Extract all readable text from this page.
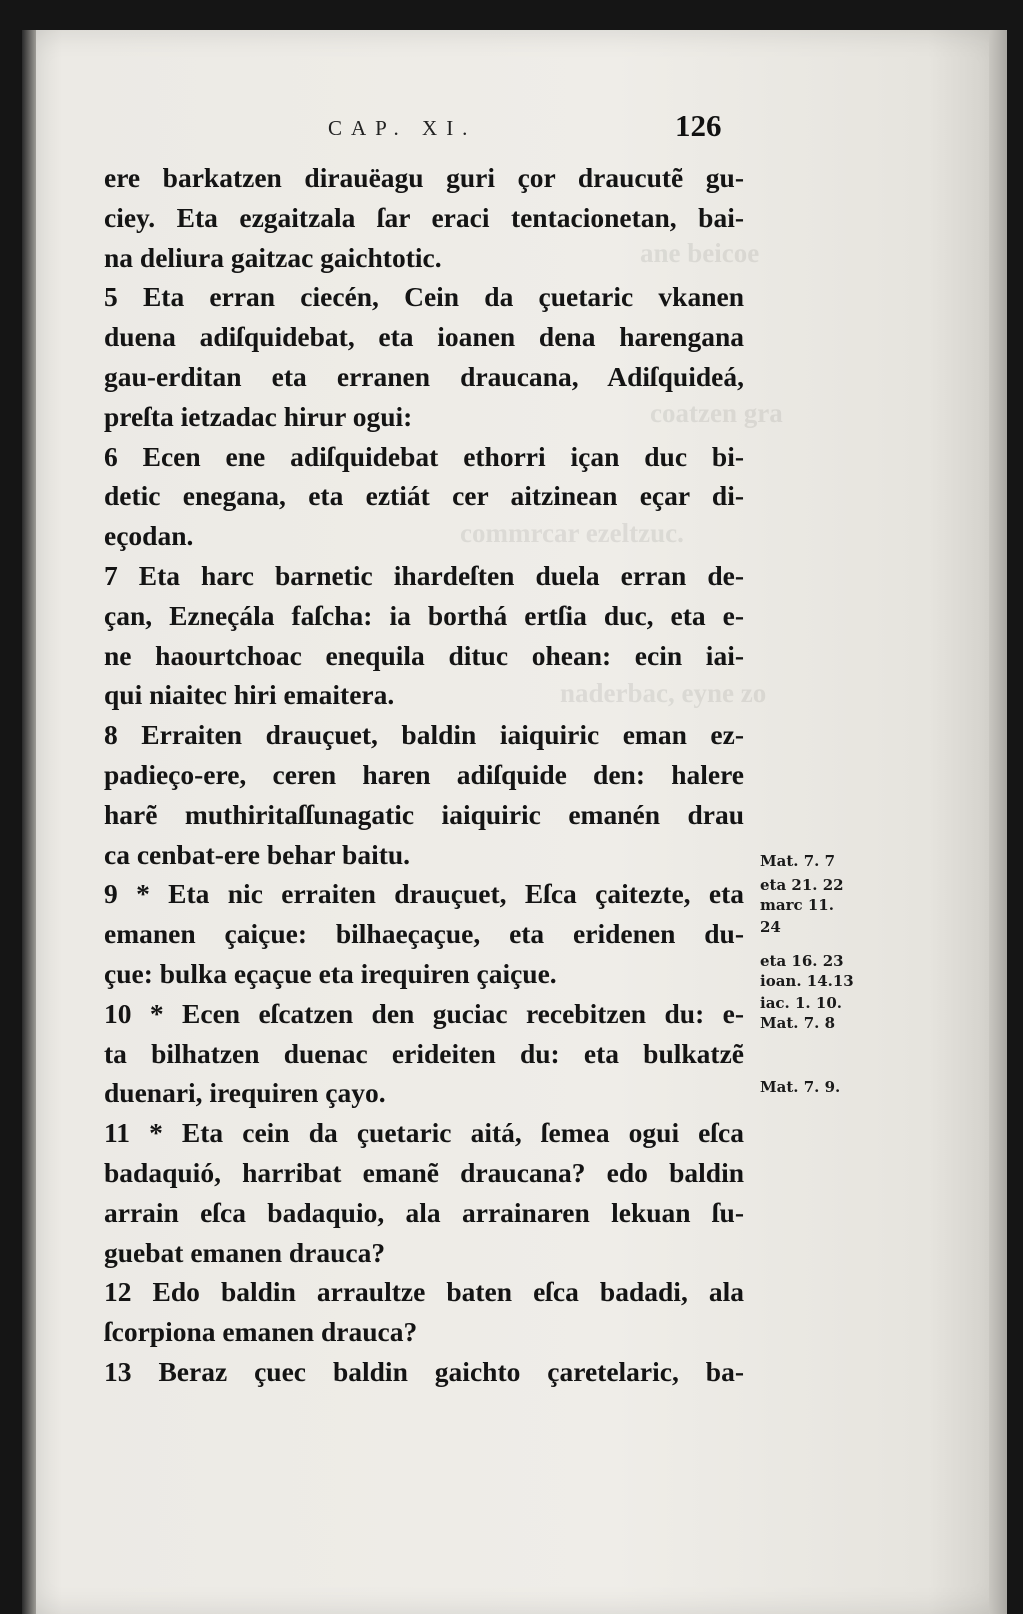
ane beicoe
coatzen gra
commrcar ezeltzuc.
naderbac, eyne zo
CAP. XI.	126
ere barkatzen dirauëagu guri çor draucutẽ gu-
ciey. Eta ezgaitzala ſar eraci tentacionetan, bai-
na deliura gaitzac gaichtotic.
5 Eta erran ciecén, Cein da çuetaric vkanen
duena adiſquidebat, eta ioanen dena harengana
gau-erditan eta erranen draucana, Adiſquideá,
preſta ietzadac hirur ogui:
6 Ecen ene adiſquidebat ethorri içan duc bi-
detic enegana, eta eztiát cer aitzinean eçar di-
eçodan.
7 Eta harc barnetic ihardeſten duela erran de-
çan, Ezneçála faſcha: ia borthá ertſia duc, eta e-
ne haourtchoac enequila dituc ohean: ecin iai-
qui niaitec hiri emaitera.
8 Erraiten drauçuet, baldin iaiquiric eman ez-
padieço-ere, ceren haren adiſquide den: halere
harẽ muthiritaſſunagatic iaiquiric emanén drau
ca cenbat-ere behar baitu.
9 * Eta nic erraiten drauçuet, Eſca çaitezte, eta
emanen çaiçue: bilhaeçaçue, eta eridenen du-
çue: bulka eçaçue eta irequiren çaiçue.
10 * Ecen eſcatzen den guciac recebitzen du: e-
ta bilhatzen duenac erideiten du: eta bulkatzẽ
duenari, irequiren çayo.
11 * Eta cein da çuetaric aitá, ſemea ogui eſca
badaquió, harribat emanẽ draucana? edo baldin
arrain eſca badaquio, ala arrainaren lekuan ſu-
guebat emanen drauca?
12 Edo baldin arraultze baten eſca badadi, ala
ſcorpiona emanen drauca?
13 Beraz çuec baldin gaichto çaretelaric, ba-
Mat. 7. 7
eta 21. 22
marc 11.
24
eta 16. 23
ioan. 14.13
iac. 1. 10.
Mat. 7. 8
Mat. 7. 9.
